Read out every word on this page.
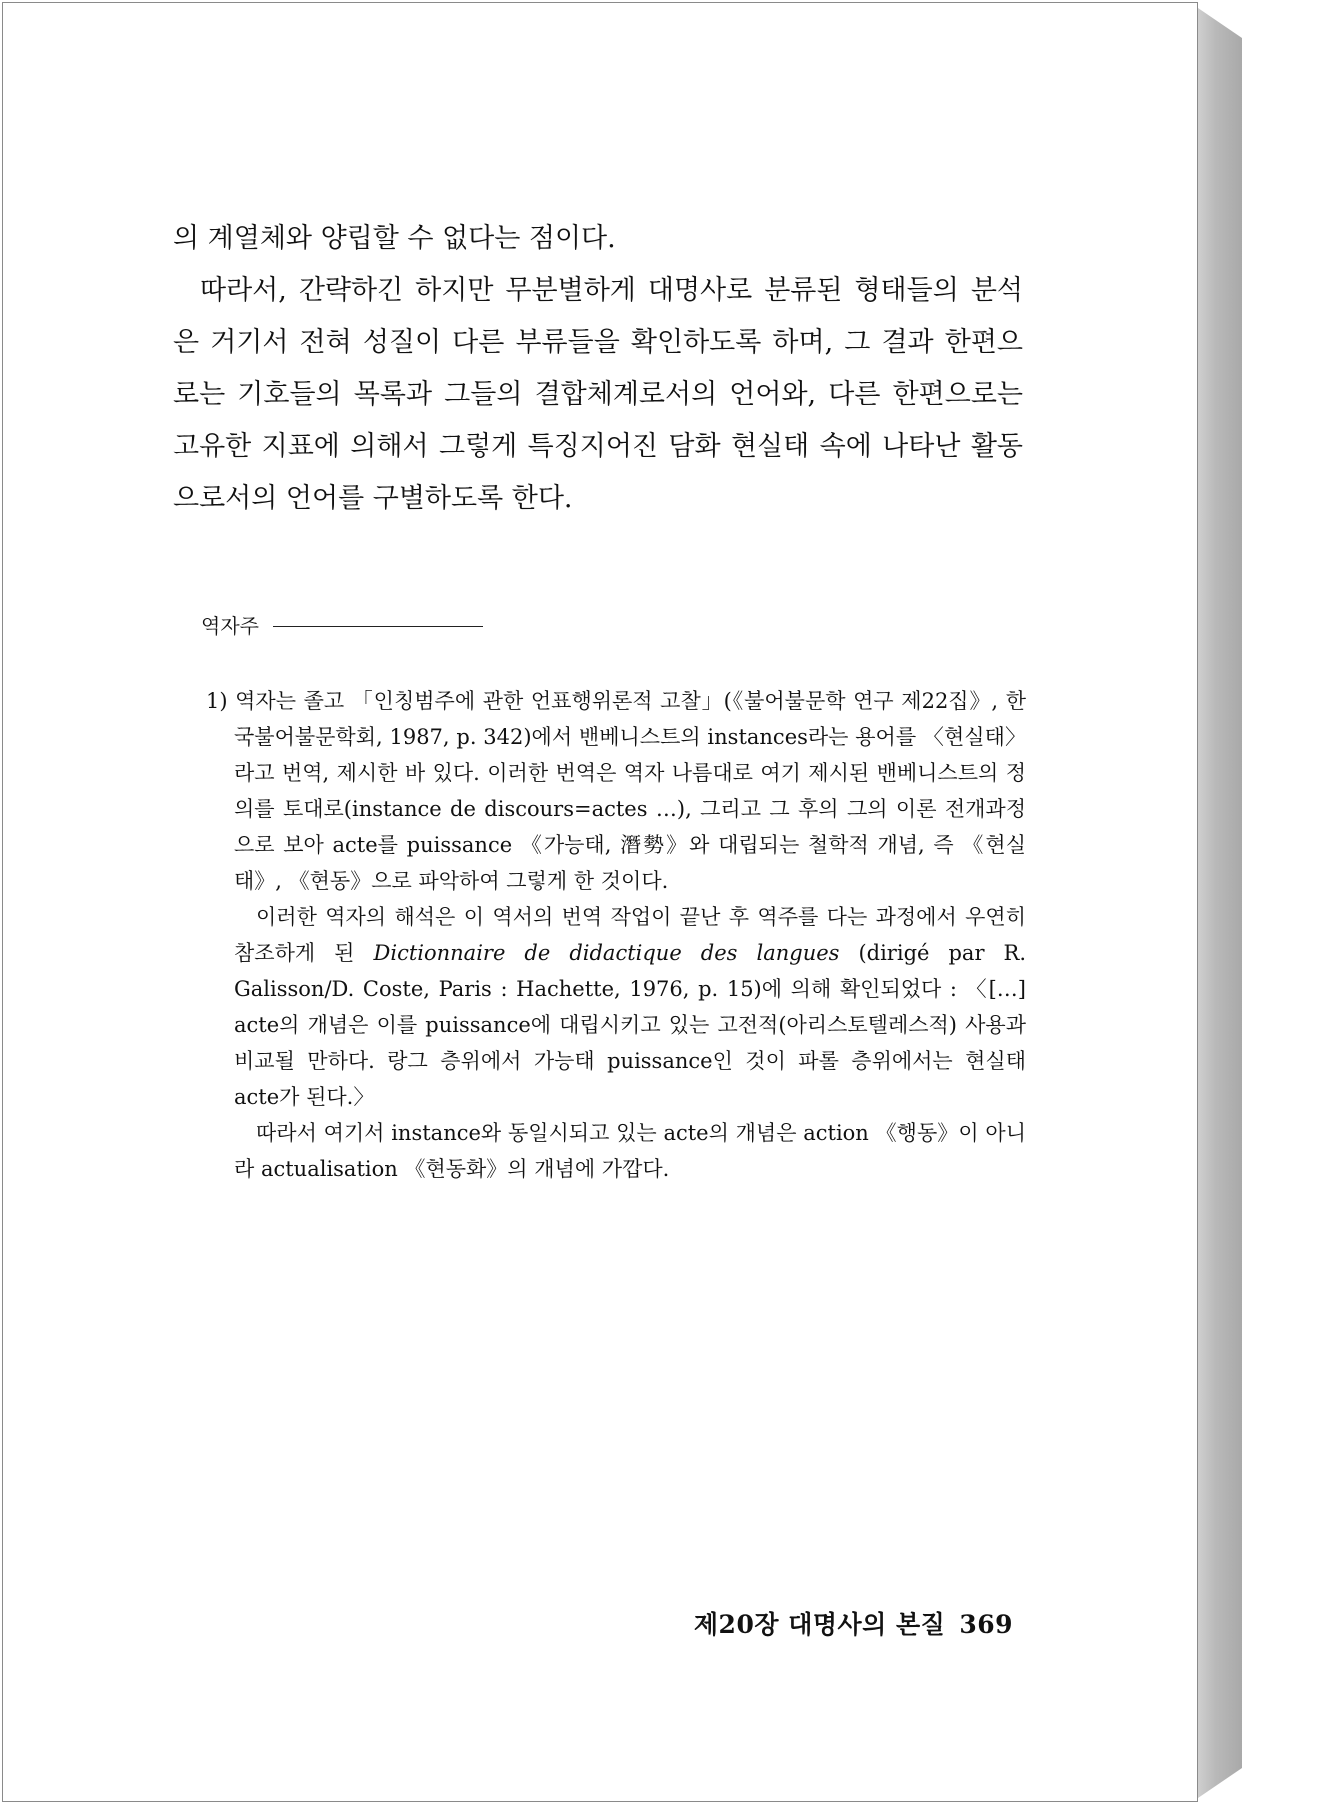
의 계열체와 양립할 수 없다는 점이다.

따라서, 간략하긴 하지만 무분별하게 대명사로 분류된 형태들의 분석은 거기서 전혀 성질이 다른 부류들을 확인하도록 하며, 그 결과 한편으로는 기호들의 목록과 그들의 결합체계로서의 언어와, 다른 한편으로는 고유한 지표에 의해서 그렇게 특징지어진 담화 현실태 속에 나타난 활동으로서의 언어를 구별하도록 한다.

역자주

1) 역자는 졸고 「인칭범주에 관한 언표행위론적 고찰」(《불어불문학 연구 제22집》, 한국불어불문학회, 1987, p. 342)에서 밴베니스트의 instances라는 용어를 〈현실태〉라고 번역, 제시한 바 있다. 이러한 번역은 역자 나름대로 여기 제시된 밴베니스트의 정의를 토대로(instance de discours=actes …), 그리고 그 후의 그의 이론 전개과정으로 보아 acte를 puissance 《가능태, 潛勢》와 대립되는 철학적 개념, 즉 《현실태》, 《현동》으로 파악하여 그렇게 한 것이다.

이러한 역자의 해석은 이 역서의 번역 작업이 끝난 후 역주를 다는 과정에서 우연히 참조하게 된 Dictionnaire de didactique des langues (dirigé par R. Galisson/D. Coste, Paris : Hachette, 1976, p. 15)에 의해 확인되었다 : 〈[…] acte의 개념은 이를 puissance에 대립시키고 있는 고전적(아리스토텔레스적) 사용과 비교될 만하다. 랑그 층위에서 가능태 puissance인 것이 파롤 층위에서는 현실태 acte가 된다.〉

따라서 여기서 instance와 동일시되고 있는 acte의 개념은 action 《행동》이 아니라 actualisation 《현동화》의 개념에 가깝다.

제20장 대명사의 본질 369
